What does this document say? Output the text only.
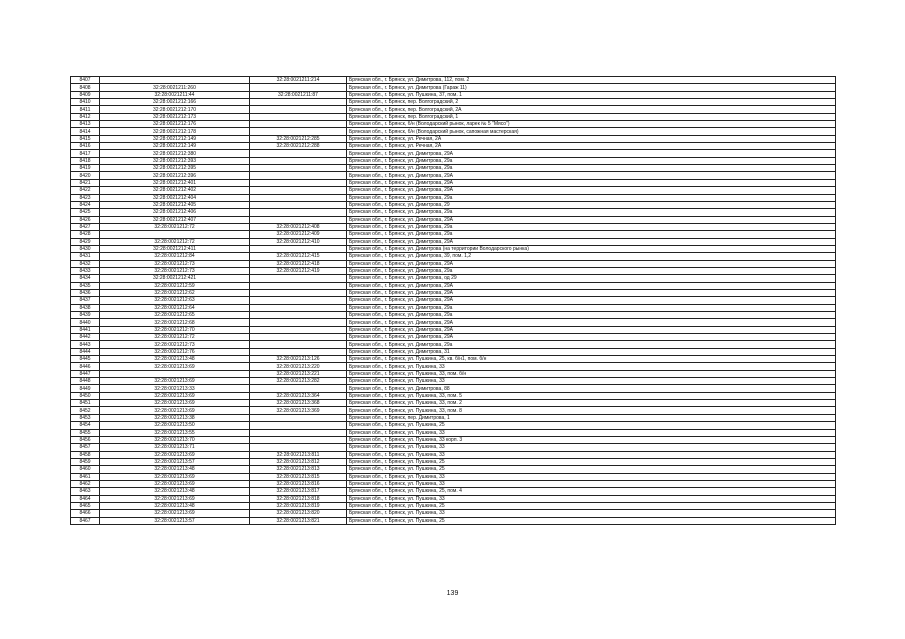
8407		32:28:0021211:214	Брянская обл., г. Брянск, ул. Димитрова, 112, пом. 2
8408	32:28:0021211:260		Брянская обл., г. Брянск, ул. Димитрова (Гараж 11)
8409	32:28:0021211:44	32:28:0021211:87	Брянская обл., г. Брянск, ул. Пушкина, 37, пом. 1
8410	32:28:0021212:166		Брянская обл., г. Брянск, пер. Волгоградский, 2
8411	32:28:0021212:170		Брянская обл., г. Брянск, пер. Волгоградский, 2А
8412	32:28:0021212:173		Брянская обл., г. Брянск, пер. Волгоградский, 1
8413	32:28:0021212:176		Брянская обл., г. Брянск, б/н (Володарский рынок, ларек № 5 "Мясо")
8414	32:28:0021212:178		Брянская обл., г. Брянск, б/н (Володарский рынок, сапожная мастерская)
8415	32:28:0021212:149	32:28:0021212:285	Брянская обл., г. Брянск, ул. Речная, 2А
8416	32:28:0021212:149	32:28:0021212:288	Брянская обл., г. Брянск, ул. Речная, 2А
8417	32:28:0021212:380		Брянская обл., г. Брянск, ул. Димитрова, 29А
8418	32:28:0021212:393		Брянская обл., г. Брянск, ул. Димитрова, 29а
8419	32:28:0021212:395		Брянская обл., г. Брянск, ул. Димитрова, 29а
8420	32:28:0021212:396		Брянская обл., г. Брянск, ул. Димитрова, 29А
8421	32:28:0021212:401		Брянская обл., г. Брянск, ул. Димитрова, 29А
8422	32:28:0021212:402		Брянская обл., г. Брянск, ул. Димитрова, 29А
8423	32:28:0021212:404		Брянская обл., г. Брянск, ул. Димитрова, 29а
8424	32:28:0021212:405		Брянская обл., г. Брянск, ул. Димитрова, 29
8425	32:28:0021212:406		Брянская обл., г. Брянск, ул. Димитрова, 29а
8426	32:28:0021212:407		Брянская обл., г. Брянск, ул. Димитрова, 29А
8427	32:28:0021212:72	32:28:0021212:408	Брянская обл., г. Брянск, ул. Димитрова, 29а
8428		32:28:0021212:409	Брянская обл., г. Брянск, ул. Димитрова, 29а
8429	32:28:0021212:72	32:28:0021212:410	Брянская обл., г. Брянск, ул. Димитрова, 29А
8430	32:28:0021212:411		Брянская обл., г. Брянск, ул. Димитрова (на территории Володарского рынка)
8431	32:28:0021212:84	32:28:0021212:415	Брянская обл., г. Брянск, ул. Димитрова, 39, пом. 1,2
8432	32:28:0021212:73	32:28:0021212:418	Брянская обл., г. Брянск, ул. Димитрова, 29А
8433	32:28:0021212:73	32:28:0021212:419	Брянская обл., г. Брянск, ул. Димитрова, 29а
8434	32:28:0021212:421		Брянская обл., г. Брянск, ул. Димитрова, од 29
8435	32:28:0021212:59		Брянская обл., г. Брянск, ул. Димитрова, 29А
8436	32:28:0021212:62		Брянская обл., г. Брянск, ул. Димитрова, 29А
8437	32:28:0021212:63		Брянская обл., г. Брянск, ул. Димитрова, 29А
8438	32:28:0021212:64		Брянская обл., г. Брянск, ул. Димитрова, 29а
8439	32:28:0021212:65		Брянская обл., г. Брянск, ул. Димитрова, 29а
8440	32:28:0021212:68		Брянская обл., г. Брянск, ул. Димитрова, 29А
8441	32:28:0021212:70		Брянская обл., г. Брянск, ул. Димитрова, 29А
8442	32:28:0021212:72		Брянская обл., г. Брянск, ул. Димитрова, 29А
8443	32:28:0021212:73		Брянская обл., г. Брянск, ул. Димитрова, 29а
8444	32:28:0021212:76		Брянская обл., г. Брянск, ул. Димитрова, 31
8445	32:28:0021213:48	32:28:0021213:126	Брянская обл., г. Брянск, ул. Пушкина, 25, кв. б/н1, пом. б/н
8446	32:28:0021213:69	32:28:0021213:220	Брянская обл., г. Брянск, ул. Пушкина, 33
8447		32:28:0021213:221	Брянская обл., г. Брянск, ул. Пушкина, 33, пом. б/н
8448	32:28:0021213:69	32:28:0021213:282	Брянская обл., г. Брянск, ул. Пушкина, 33
8449	32:28:0021213:33		Брянская обл., г. Брянск, ул. Димитрова, 88
8450	32:28:0021213:69	32:28:0021213:364	Брянская обл., г. Брянск, ул. Пушкина, 33, пом. 5
8451	32:28:0021213:69	32:28:0021213:368	Брянская обл., г. Брянск, ул. Пушкина, 33, пом. 2
8452	32:28:0021213:69	32:28:0021213:369	Брянская обл., г. Брянск, ул. Пушкина, 33, пом. 8
8453	32:28:0021213:38		Брянская обл., г. Брянск, пер. Димитрова, 1
8454	32:28:0021213:50		Брянская обл., г. Брянск, ул. Пушкина, 25
8455	32:28:0021213:55		Брянская обл., г. Брянск, ул. Пушкина, 33
8456	32:28:0021213:70		Брянская обл., г. Брянск, ул. Пушкина, 33 корп. 3
8457	32:28:0021213:71		Брянская обл., г. Брянск, ул. Пушкина, 33
8458	32:28:0021213:69	32:28:0021213:811	Брянская обл., г. Брянск, ул. Пушкина, 33
8459	32:28:0021213:57	32:28:0021213:812	Брянская обл., г. Брянск, ул. Пушкина, 25
8460	32:28:0021213:48	32:28:0021213:813	Брянская обл., г. Брянск, ул. Пушкина, 25
8461	32:28:0021213:69	32:28:0021213:815	Брянская обл., г. Брянск, ул. Пушкина, 33
8462	32:28:0021213:69	32:28:0021213:816	Брянская обл., г. Брянск, ул. Пушкина, 33
8463	32:28:0021213:48	32:28:0021213:817	Брянская обл., г. Брянск, ул. Пушкина, 25, пом. 4
8464	32:28:0021213:69	32:28:0021213:818	Брянская обл., г. Брянск, ул. Пушкина, 33
8465	32:28:0021213:48	32:28:0021213:819	Брянская обл., г. Брянск, ул. Пушкина, 25
8466	32:28:0021213:69	32:28:0021213:820	Брянская обл., г. Брянск, ул. Пушкина, 33
8467	32:28:0021213:57	32:28:0021213:821	Брянская обл., г. Брянск, ул. Пушкина, 25
139
